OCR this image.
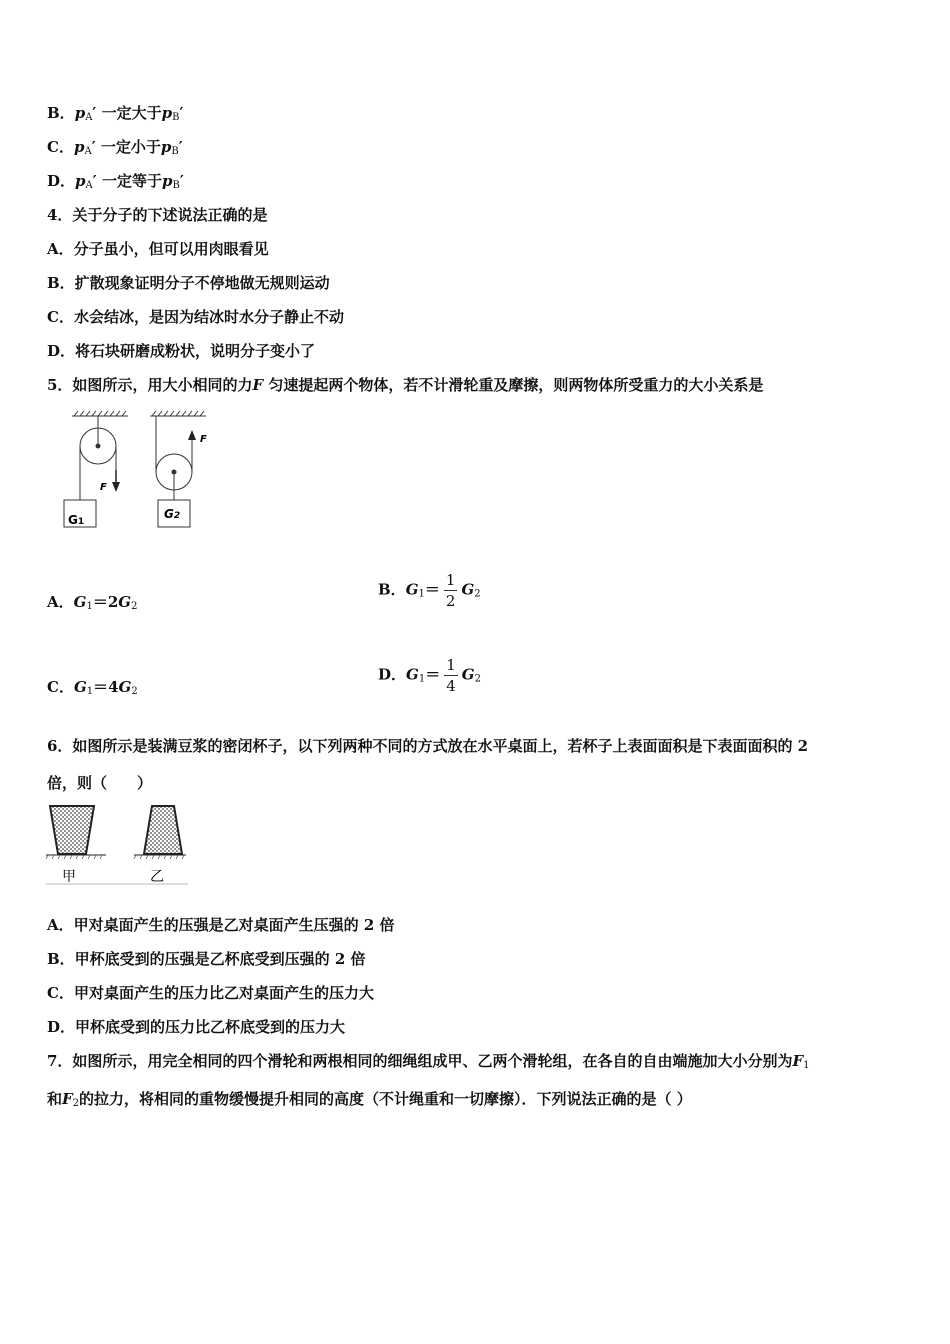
B．$p_A'$ 一定大于$p_B'$
C．$p_A'$ 一定小于$p_B'$
D．$p_A'$ 一定等于$p_B'$
4．关于分子的下述说法正确的是
A．分子虽小，但可以用肉眼看见
B．扩散现象证明分子不停地做无规则运动
C．水会结冰，是因为结冰时水分子静止不动
D．将石块研磨成粉状，说明分子变小了
5．如图所示，用大小相同的力F 匀速提起两个物体，若不计滑轮重及摩擦，则两物体所受重力的大小关系是
F
F
G1
G2
A．$G_1=2G_2$
B．$G_1= \frac{1}{2} G_2$
C．$G_1=4G_2$
D．$G_1= \frac{1}{4} G_2$
6．如图所示是装满豆浆的密闭杯子，以下列两种不同的方式放在水平桌面上，若杯子上表面面积是下表面面积的 2
倍，则（　　）
甲	乙
A．甲对桌面产生的压强是乙对桌面产生压强的 2 倍
B．甲杯底受到的压强是乙杯底受到压强的 2 倍
C．甲对桌面产生的压力比乙对桌面产生的压力大
D．甲杯底受到的压力比乙杯底受到的压力大
7．如图所示，用完全相同的四个滑轮和两根相同的细绳组成甲、乙两个滑轮组，在各自的自由端施加大小分别为$F_1$
和$F_2$的拉力，将相同的重物缓慢提升相同的高度（不计绳重和一切摩擦）．下列说法正确的是（ ）
